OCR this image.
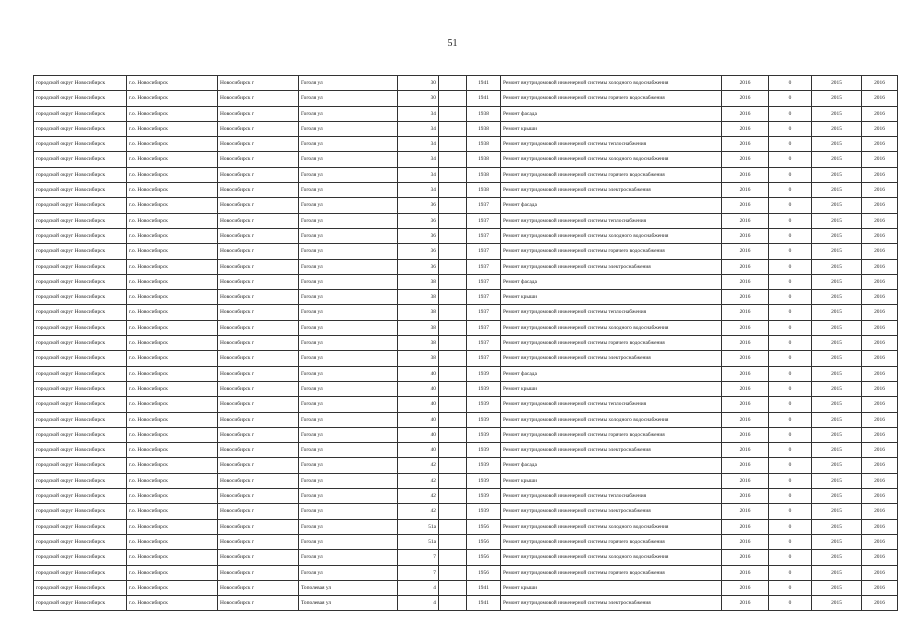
51
городской округ Новосибирск	г.о. Новосибирск	Новосибирск г	Гоголя ул	30		1941	Ремонт внутридомовой инженерной системы холодного водоснабжения	2016	0	2015	2016
городской округ Новосибирск	г.о. Новосибирск	Новосибирск г	Гоголя ул	30		1941	Ремонт внутридомовой инженерной системы горячего водоснабжения	2016	0	2015	2016
городской округ Новосибирск	г.о. Новосибирск	Новосибирск г	Гоголя ул	34		1938	Ремонт фасада	2016	0	2015	2016
городской округ Новосибирск	г.о. Новосибирск	Новосибирск г	Гоголя ул	34		1938	Ремонт крыши	2016	0	2015	2016
городской округ Новосибирск	г.о. Новосибирск	Новосибирск г	Гоголя ул	34		1938	Ремонт внутридомовой инженерной системы теплоснабжения	2016	0	2015	2016
городской округ Новосибирск	г.о. Новосибирск	Новосибирск г	Гоголя ул	34		1938	Ремонт внутридомовой инженерной системы холодного водоснабжения	2016	0	2015	2016
городской округ Новосибирск	г.о. Новосибирск	Новосибирск г	Гоголя ул	34		1938	Ремонт внутридомовой инженерной системы горячего водоснабжения	2016	0	2015	2016
городской округ Новосибирск	г.о. Новосибирск	Новосибирск г	Гоголя ул	34		1938	Ремонт внутридомовой инженерной системы электроснабжения	2016	0	2015	2016
городской округ Новосибирск	г.о. Новосибирск	Новосибирск г	Гоголя ул	36		1937	Ремонт фасада	2016	0	2015	2016
городской округ Новосибирск	г.о. Новосибирск	Новосибирск г	Гоголя ул	36		1937	Ремонт внутридомовой инженерной системы теплоснабжения	2016	0	2015	2016
городской округ Новосибирск	г.о. Новосибирск	Новосибирск г	Гоголя ул	36		1937	Ремонт внутридомовой инженерной системы холодного водоснабжения	2016	0	2015	2016
городской округ Новосибирск	г.о. Новосибирск	Новосибирск г	Гоголя ул	36		1937	Ремонт внутридомовой инженерной системы горячего водоснабжения	2016	0	2015	2016
городской округ Новосибирск	г.о. Новосибирск	Новосибирск г	Гоголя ул	36		1937	Ремонт внутридомовой инженерной системы электроснабжения	2016	0	2015	2016
городской округ Новосибирск	г.о. Новосибирск	Новосибирск г	Гоголя ул	38		1937	Ремонт фасада	2016	0	2015	2016
городской округ Новосибирск	г.о. Новосибирск	Новосибирск г	Гоголя ул	38		1937	Ремонт крыши	2016	0	2015	2016
городской округ Новосибирск	г.о. Новосибирск	Новосибирск г	Гоголя ул	38		1937	Ремонт внутридомовой инженерной системы теплоснабжения	2016	0	2015	2016
городской округ Новосибирск	г.о. Новосибирск	Новосибирск г	Гоголя ул	38		1937	Ремонт внутридомовой инженерной системы холодного водоснабжения	2016	0	2015	2016
городской округ Новосибирск	г.о. Новосибирск	Новосибирск г	Гоголя ул	38		1937	Ремонт внутридомовой инженерной системы горячего водоснабжения	2016	0	2015	2016
городской округ Новосибирск	г.о. Новосибирск	Новосибирск г	Гоголя ул	38		1937	Ремонт внутридомовой инженерной системы электроснабжения	2016	0	2015	2016
городской округ Новосибирск	г.о. Новосибирск	Новосибирск г	Гоголя ул	40		1939	Ремонт фасада	2016	0	2015	2016
городской округ Новосибирск	г.о. Новосибирск	Новосибирск г	Гоголя ул	40		1939	Ремонт крыши	2016	0	2015	2016
городской округ Новосибирск	г.о. Новосибирск	Новосибирск г	Гоголя ул	40		1939	Ремонт внутридомовой инженерной системы теплоснабжения	2016	0	2015	2016
городской округ Новосибирск	г.о. Новосибирск	Новосибирск г	Гоголя ул	40		1939	Ремонт внутридомовой инженерной системы холодного водоснабжения	2016	0	2015	2016
городской округ Новосибирск	г.о. Новосибирск	Новосибирск г	Гоголя ул	40		1939	Ремонт внутридомовой инженерной системы горячего водоснабжения	2016	0	2015	2016
городской округ Новосибирск	г.о. Новосибирск	Новосибирск г	Гоголя ул	40		1939	Ремонт внутридомовой инженерной системы электроснабжения	2016	0	2015	2016
городской округ Новосибирск	г.о. Новосибирск	Новосибирск г	Гоголя ул	42		1939	Ремонт фасада	2016	0	2015	2016
городской округ Новосибирск	г.о. Новосибирск	Новосибирск г	Гоголя ул	42		1939	Ремонт крыши	2016	0	2015	2016
городской округ Новосибирск	г.о. Новосибирск	Новосибирск г	Гоголя ул	42		1939	Ремонт внутридомовой инженерной системы теплоснабжения	2016	0	2015	2016
городской округ Новосибирск	г.о. Новосибирск	Новосибирск г	Гоголя ул	42		1939	Ремонт внутридомовой инженерной системы электроснабжения	2016	0	2015	2016
городской округ Новосибирск	г.о. Новосибирск	Новосибирск г	Гоголя ул	51а		1956	Ремонт внутридомовой инженерной системы холодного водоснабжения	2016	0	2015	2016
городской округ Новосибирск	г.о. Новосибирск	Новосибирск г	Гоголя ул	51а		1956	Ремонт внутридомовой инженерной системы горячего водоснабжения	2016	0	2015	2016
городской округ Новосибирск	г.о. Новосибирск	Новосибирск г	Гоголя ул	7		1956	Ремонт внутридомовой инженерной системы холодного водоснабжения	2016	0	2015	2016
городской округ Новосибирск	г.о. Новосибирск	Новосибирск г	Гоголя ул	7		1956	Ремонт внутридомовой инженерной системы горячего водоснабжения	2016	0	2015	2016
городской округ Новосибирск	г.о. Новосибирск	Новосибирск г	Тополевая ул	4		1941	Ремонт крыши	2016	0	2015	2016
городской округ Новосибирск	г.о. Новосибирск	Новосибирск г	Тополевая ул	4		1941	Ремонт внутридомовой инженерной системы электроснабжения	2016	0	2015	2016
